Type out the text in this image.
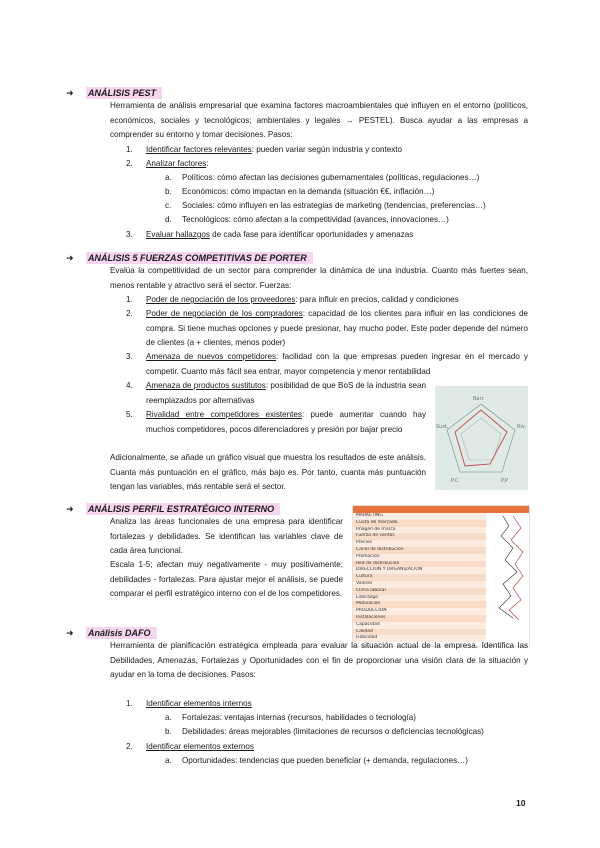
➜ ANÁLISIS PEST
Herramienta de análisis empresarial que examina factores macroambientales que influyen en el entorno (políticos, económicos, sociales y tecnológicos; ambientales y legales → PESTEL). Busca ayudar a las empresas a comprender su entorno y tomar decisiones. Pasos:
1. Identificar factores relevantes: pueden variar según industria y contexto
2. Analizar factores:
a. Políticos: cómo afectan las decisiones gubernamentales (políticas, regulaciones…)
b. Económicos: cómo impactan en la demanda (situación €€, inflación…)
c. Sociales: cómo influyen en las estrategias de marketing (tendencias, preferencias…)
d. Tecnológicos: cómo afectan a la competitividad (avances, innovaciones…)
3. Evaluar hallazgos de cada fase para identificar oportunidades y amenazas
➜ ANÁLISIS 5 FUERZAS COMPETITIVAS DE PORTER
Evalúa la competitividad de un sector para comprender la dinámica de una industria. Cuanto más fuertes sean, menos rentable y atractivo será el sector. Fuerzas:
1. Poder de negociación de los proveedores: para influir en precios, calidad y condiciones
2. Poder de negociación de los compradores: capacidad de los clientes para influir en las condiciones de compra. Si tiene muchas opciones y puede presionar, hay mucho poder. Este poder depende del número de clientes (a + clientes, menos poder)
3. Amenaza de nuevos competidores: facilidad con la que empresas pueden ingresar en el mercado y competir. Cuanto más fácil sea entrar, mayor competencia y menor rentabilidad
4. Amenaza de productos sustitutos: posibilidad de que BoS de la industria sean reemplazados por alternativas
5. Rivalidad entre competidores existentes: puede aumentar cuando hay muchos competidores, pocos diferenciadores y presión por bajar precio
Adicionalmente, se añade un gráfico visual que muestra los resultados de este análisis. Cuanta más puntuación en el gráfico, más bajo es. Por tanto, cuanta más puntuación tengan las variables, más rentable será el sector.
Barr.
Riv.
P.P
P.C
Sust.
➜ ANÁLISIS PERFIL ESTRATÉGICO INTERNO
Analiza las áreas funcionales de una empresa para identificar fortalezas y debilidades. Se identifican las variables clave de cada área funcional.
Escala 1-5; afectan muy negativamente - muy positivamente; debilidades - fortalezas. Para ajustar mejor el análisis, se puede comparar el perfil estratégico interno con el de los competidores.
MARKETING
Cuota de mercado
Imagen de marca
Fuerza de ventas
Precios
Canal de distribución
Promoción
Red de distribución
DIRECCIÓN Y ORGANIZACIÓN
Cultura
Valores
Clima laboral
Liderazgo
Motivación
PRODUCCIÓN
Instalaciones
Capacidad
Calidad
Fiabilidad
➜ Análisis DAFO
Herramienta de planificación estratégica empleada para evaluar la situación actual de la empresa. Identifica las Debilidades, Amenazas, Fortalezas y Oportunidades con el fin de proporcionar una visión clara de la situación y ayudar en la toma de decisiones. Pasos:
1. Identificar elementos internos
a. Fortalezas: ventajas internas (recursos, habilidades o tecnología)
b. Debilidades: áreas mejorables (limitaciones de recursos o deficiencias tecnológicas)
2. Identificar elementos externos
a. Oportunidades: tendencias que pueden beneficiar (+ demanda, regulaciones…)
10
